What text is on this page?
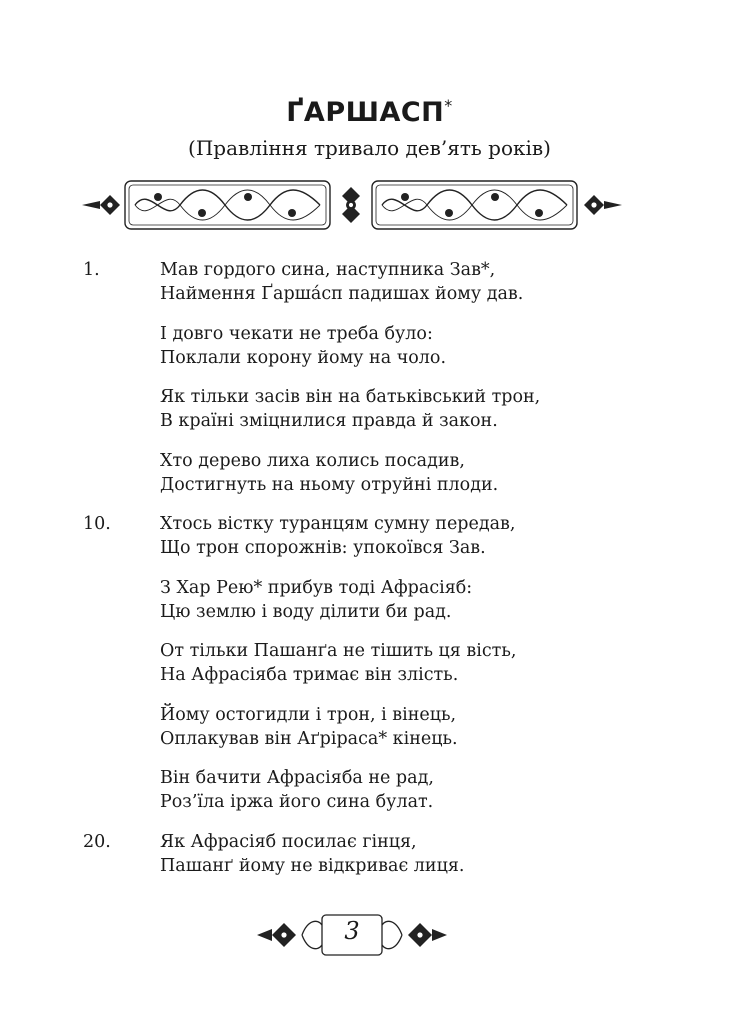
ҐАРШАСП*
(Правління тривало дев’ять років)
1.	Мав гордого сина, наступника Зав*,
Наймення Ґаршáсп падишах йому дав.
І довго чекати не треба було:
Поклали корону йому на чоло.
Як тільки засів він на батьківський трон,
В країні зміцнилися правда й закон.
Хто дерево лиха колись посадив,
Достигнуть на ньому отруйні плоди.
10.	Хтось вістку туранцям сумну передав,
Що трон спорожнів: упокоївся Зав.
З Хар Рею* прибув тоді Афрасіяб:
Цю землю і воду ділити би рад.
От тільки Пашанґа не тішить ця вість,
На Афрасіяба тримає він злість.
Йому остогидли і трон, і вінець,
Оплакував він Аґріраса* кінець.
Він бачити Афрасіяба не рад,
Роз’їла іржа його сина булат.
20.	Як Афрасіяб посилає гінця,
Пашанґ йому не відкриває лиця.
3
